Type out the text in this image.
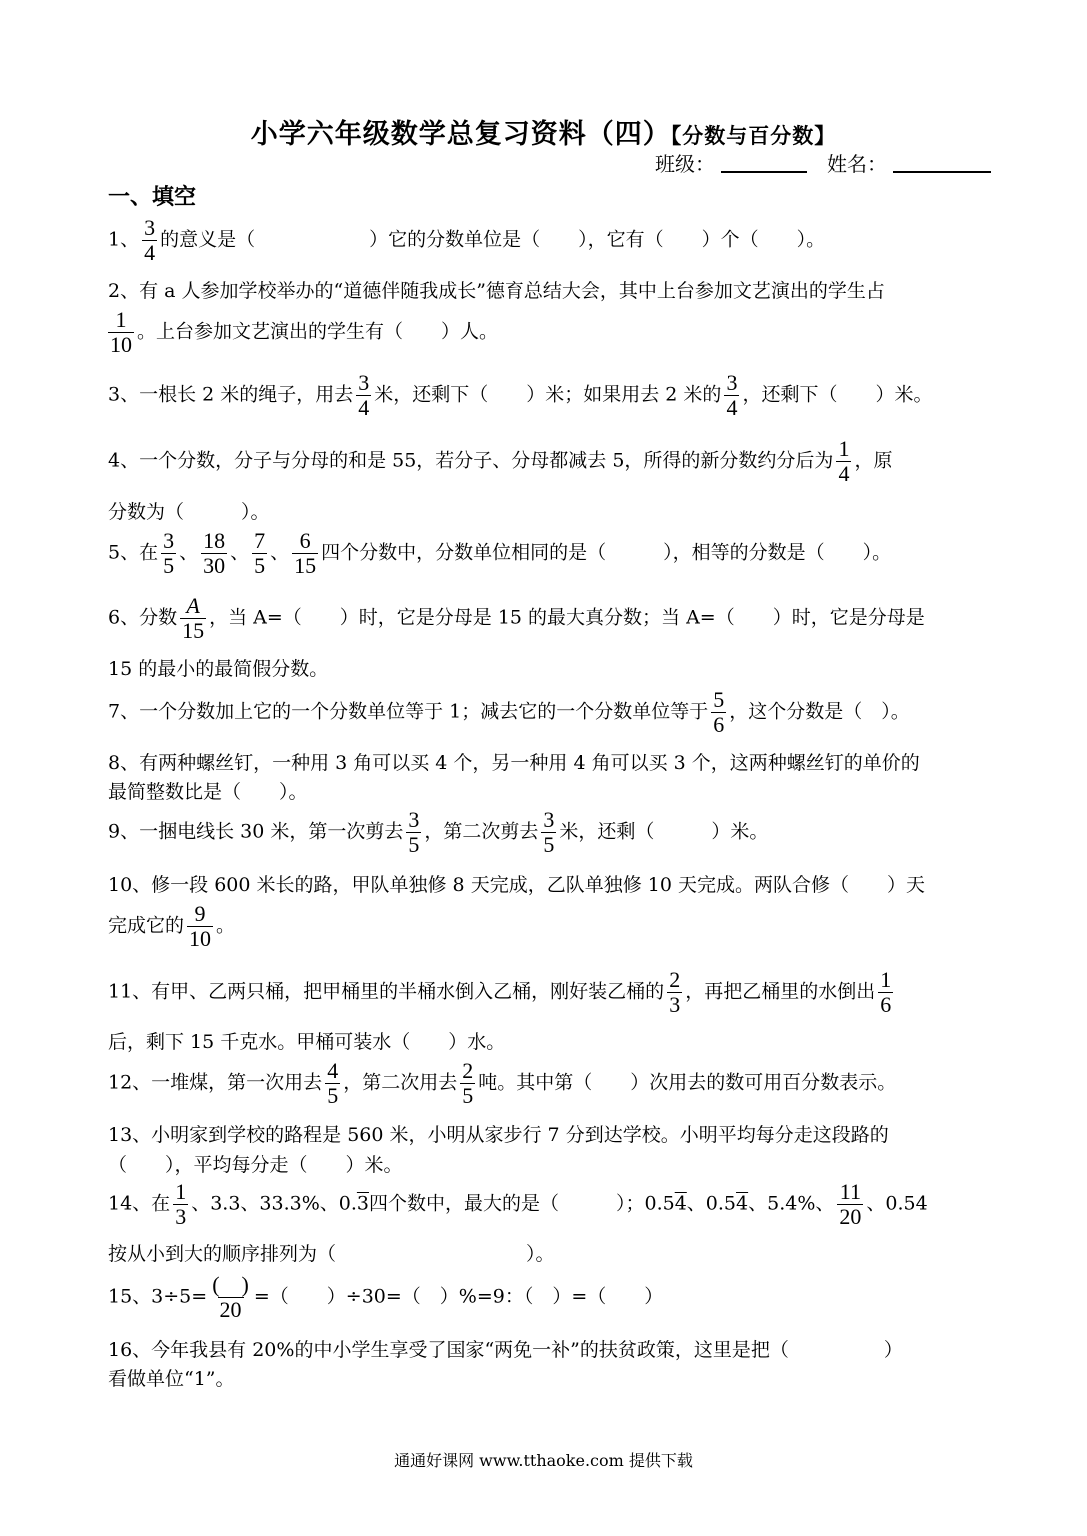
小学六年级数学总复习资料（四）【分数与百分数】
班级：	姓名：
一、填空
1、 $\frac{3}{4}$ 的意义是（　　　　　　）它的分数单位是（　　），它有（　　）个（　　）。
2、有 a 人参加学校举办的“道德伴随我成长”德育总结大会，其中上台参加文艺演出的学生占
$\frac{1}{10}$ 。上台参加文艺演出的学生有（　　）人。
3、一根长 2 米的绳子，用去 $\frac{3}{4}$ 米，还剩下（　　）米；如果用去 2 米的 $\frac{3}{4}$ ，还剩下（　　）米。
4、一个分数，分子与分母的和是 55，若分子、分母都减去 5，所得的新分数约分后为 $\frac{1}{4}$ ，原
分数为（　　　）。
5、在 $\frac{3}{5}$ 、 $\frac{18}{30}$ 、 $\frac{7}{5}$ 、 $\frac{6}{15}$ 四个分数中，分数单位相同的是（　　　），相等的分数是（　　）。
6、分数 $\frac{A}{15}$ ，当 A=（　　）时，它是分母是 15 的最大真分数；当 A=（　　）时，它是分母是
15 的最小的最简假分数。
7、一个分数加上它的一个分数单位等于 1；减去它的一个分数单位等于 $\frac{5}{6}$ ，这个分数是（　）。
8、有两种螺丝钉，一种用 3 角可以买 4 个，另一种用 4 角可以买 3 个，这两种螺丝钉的单价的
最简整数比是（　　）。
9、一捆电线长 30 米，第一次剪去 $\frac{3}{5}$ ，第二次剪去 $\frac{3}{5}$ 米，还剩（　　　）米。
10、修一段 600 米长的路，甲队单独修 8 天完成，乙队单独修 10 天完成。两队合修（　　）天
完成它的 $\frac{9}{10}$ 。
11、有甲、乙两只桶，把甲桶里的半桶水倒入乙桶，刚好装乙桶的 $\frac{2}{3}$ ，再把乙桶里的水倒出 $\frac{1}{6}$
后，剩下 15 千克水。甲桶可装水（　　）水。
12、一堆煤，第一次用去 $\frac{4}{5}$ ，第二次用去 $\frac{2}{5}$ 吨。其中第（　　）次用去的数可用百分数表示。
13、小明家到学校的路程是 560 米，小明从家步行 7 分到达学校。小明平均每分走这段路的
（　　），平均每分走（　　）米。
14、在 $\frac{1}{3}$ 、3.3、33.3%、0.3四个数中，最大的是（　　　）；0.54、0.54、5.4%、 $\frac{11}{20}$ 、0.54
按从小到大的顺序排列为（　　　　　　　　　　）。
15、$3\div 5= \frac{( )}{20}$ =（　　）÷30=（　）%=9：（　）=（　　）
16、今年我县有 20%的中小学生享受了国家“两免一补”的扶贫政策，这里是把（　　　　　）
看做单位“1”。
通通好课网 www.tthaoke.com 提供下载
